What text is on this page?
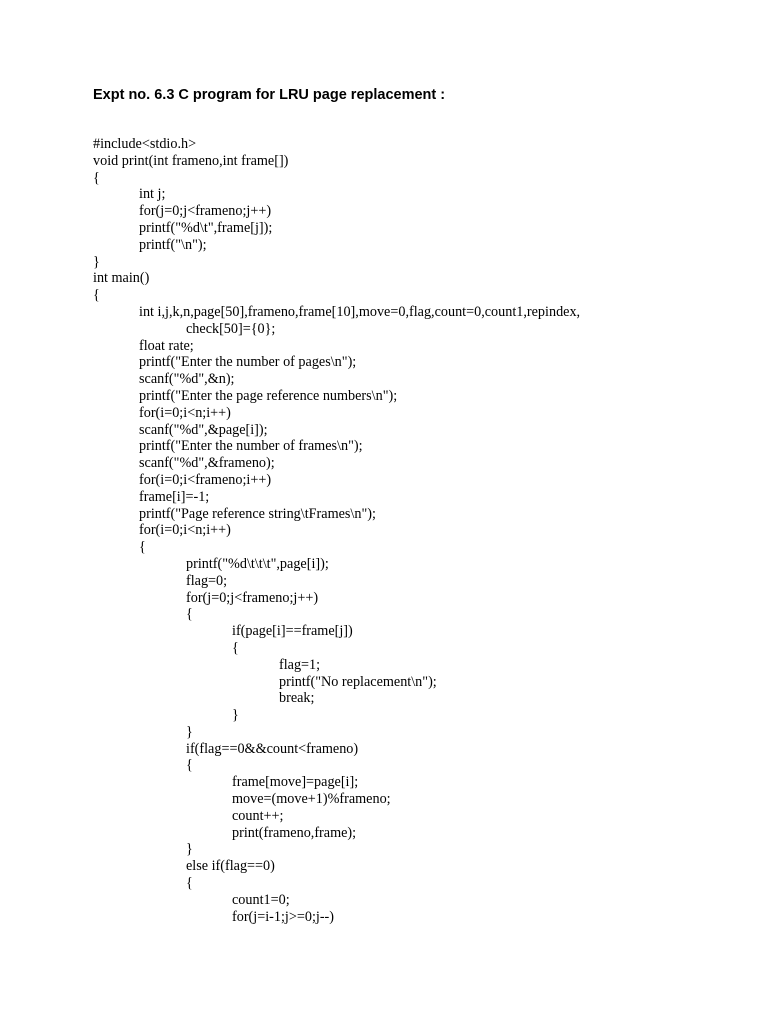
Expt no. 6.3 C program for LRU page replacement :
#include<stdio.h>
void print(int frameno,int frame[])
{
int j;
for(j=0;j<frameno;j++)
printf("%d\t",frame[j]);
printf("\n");
}
int main()
{
int i,j,k,n,page[50],frameno,frame[10],move=0,flag,count=0,count1,repindex,
check[50]={0};
float rate;
printf("Enter the number of pages\n");
scanf("%d",&n);
printf("Enter the page reference numbers\n");
for(i=0;i<n;i++)
scanf("%d",&page[i]);
printf("Enter the number of frames\n");
scanf("%d",&frameno);
for(i=0;i<frameno;i++)
frame[i]=-1;
printf("Page reference string\tFrames\n");
for(i=0;i<n;i++)
{
printf("%d\t\t\t",page[i]);
flag=0;
for(j=0;j<frameno;j++)
{
if(page[i]==frame[j])
{
flag=1;
printf("No replacement\n");
break;
}
}
if(flag==0&&count<frameno)
{
frame[move]=page[i];
move=(move+1)%frameno;
count++;
print(frameno,frame);
}
else if(flag==0)
{
count1=0;
for(j=i-1;j>=0;j--)
